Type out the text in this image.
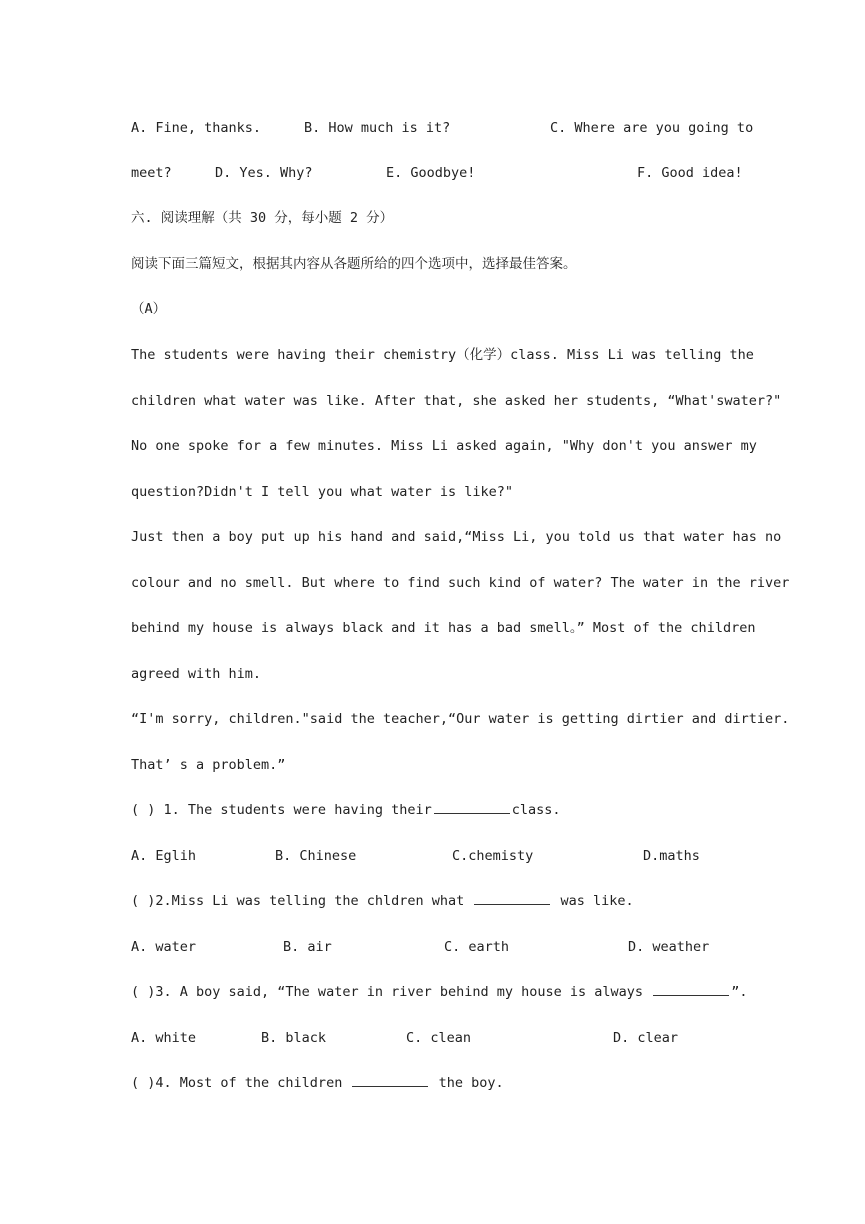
A. Fine, thanks.	B. How much is it?	C. Where are you going to
meet?	D. Yes. Why?	E. Goodbye!	F. Good idea!
六. 阅读理解（共 30 分，每小题 2 分）
阅读下面三篇短文，根据其内容从各题所给的四个选项中，选择最佳答案。
（A）
The students were having their chemistry（化学）class. Miss Li was telling the
children what water was like. After that, she asked her students, “What'swater?"
No one spoke for a few minutes. Miss Li asked again, "Why don't you answer my
question?Didn't I tell you what water is like?"
Just then a boy put up his hand and said,“Miss Li, you told us that water has no
colour and no smell. But where to find such kind of water? The water in the river
behind my house is always black and it has a bad smell。” Most of the children
agreed with him.
“I'm sorry, children."said the teacher,“Our water is getting dirtier and dirtier.
That’ s a problem.”
( ) 1. The students were having their	class.
A. Eglih	B. Chinese	C.chemisty	D.maths
( )2.Miss Li was telling the chldren what	was like.
A. water	B. air	C. earth	D. weather
( )3. A boy said, “The water in river behind my house is always	”.
A. white	B. black	C. clean	D. clear
( )4. Most of the children	the boy.
